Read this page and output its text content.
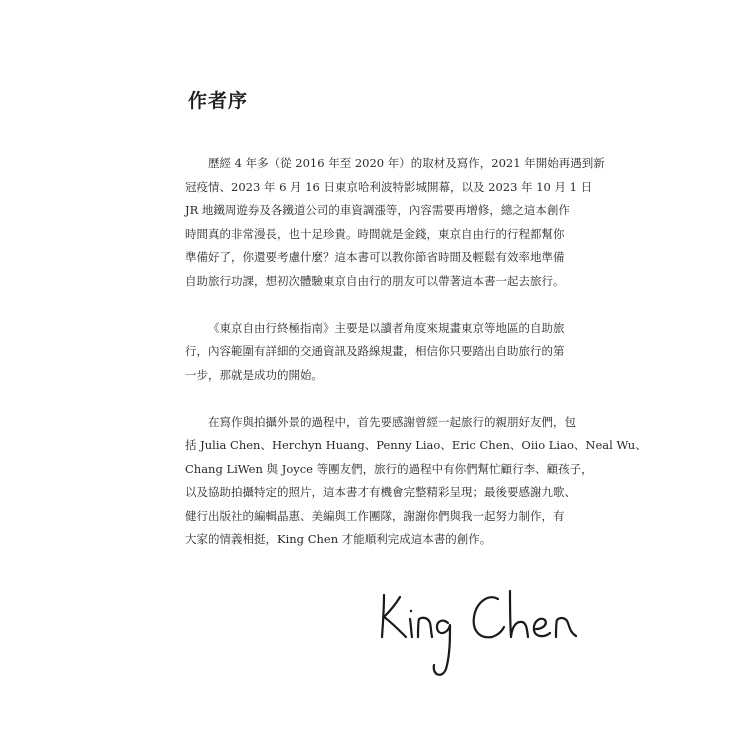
作者序

歷經 4 年多（從 2016 年至 2020 年）的取材及寫作，2021 年開始再遇到新
冠疫情、2023 年 6 月 16 日東京哈利波特影城開幕，以及 2023 年 10 月 1 日
JR 地鐵周遊券及各鐵道公司的車資調漲等，內容需要再增修，總之這本創作
時間真的非常漫長，也十足珍貴。時間就是金錢，東京自由行的行程都幫你
準備好了，你還要考慮什麼？這本書可以教你節省時間及輕鬆有效率地準備
自助旅行功課，想初次體驗東京自由行的朋友可以帶著這本書一起去旅行。

《東京自由行終極指南》主要是以讀者角度來規畫東京等地區的自助旅
行，內容範圍有詳細的交通資訊及路線規畫，相信你只要踏出自助旅行的第
一步，那就是成功的開始。

在寫作與拍攝外景的過程中，首先要感謝曾經一起旅行的親朋好友們，包
括 Julia Chen、Herchyn Huang、Penny Liao、Eric Chen、Oiio Liao、Neal Wu、
Chang LiWen 與 Joyce 等團友們，旅行的過程中有你們幫忙顧行李、顧孩子，
以及協助拍攝特定的照片，這本書才有機會完整精彩呈現；最後要感謝九歌、
健行出版社的編輯晶惠、美編與工作團隊，謝謝你們與我一起努力制作，有
大家的情義相挺，King Chen 才能順利完成這本書的創作。
